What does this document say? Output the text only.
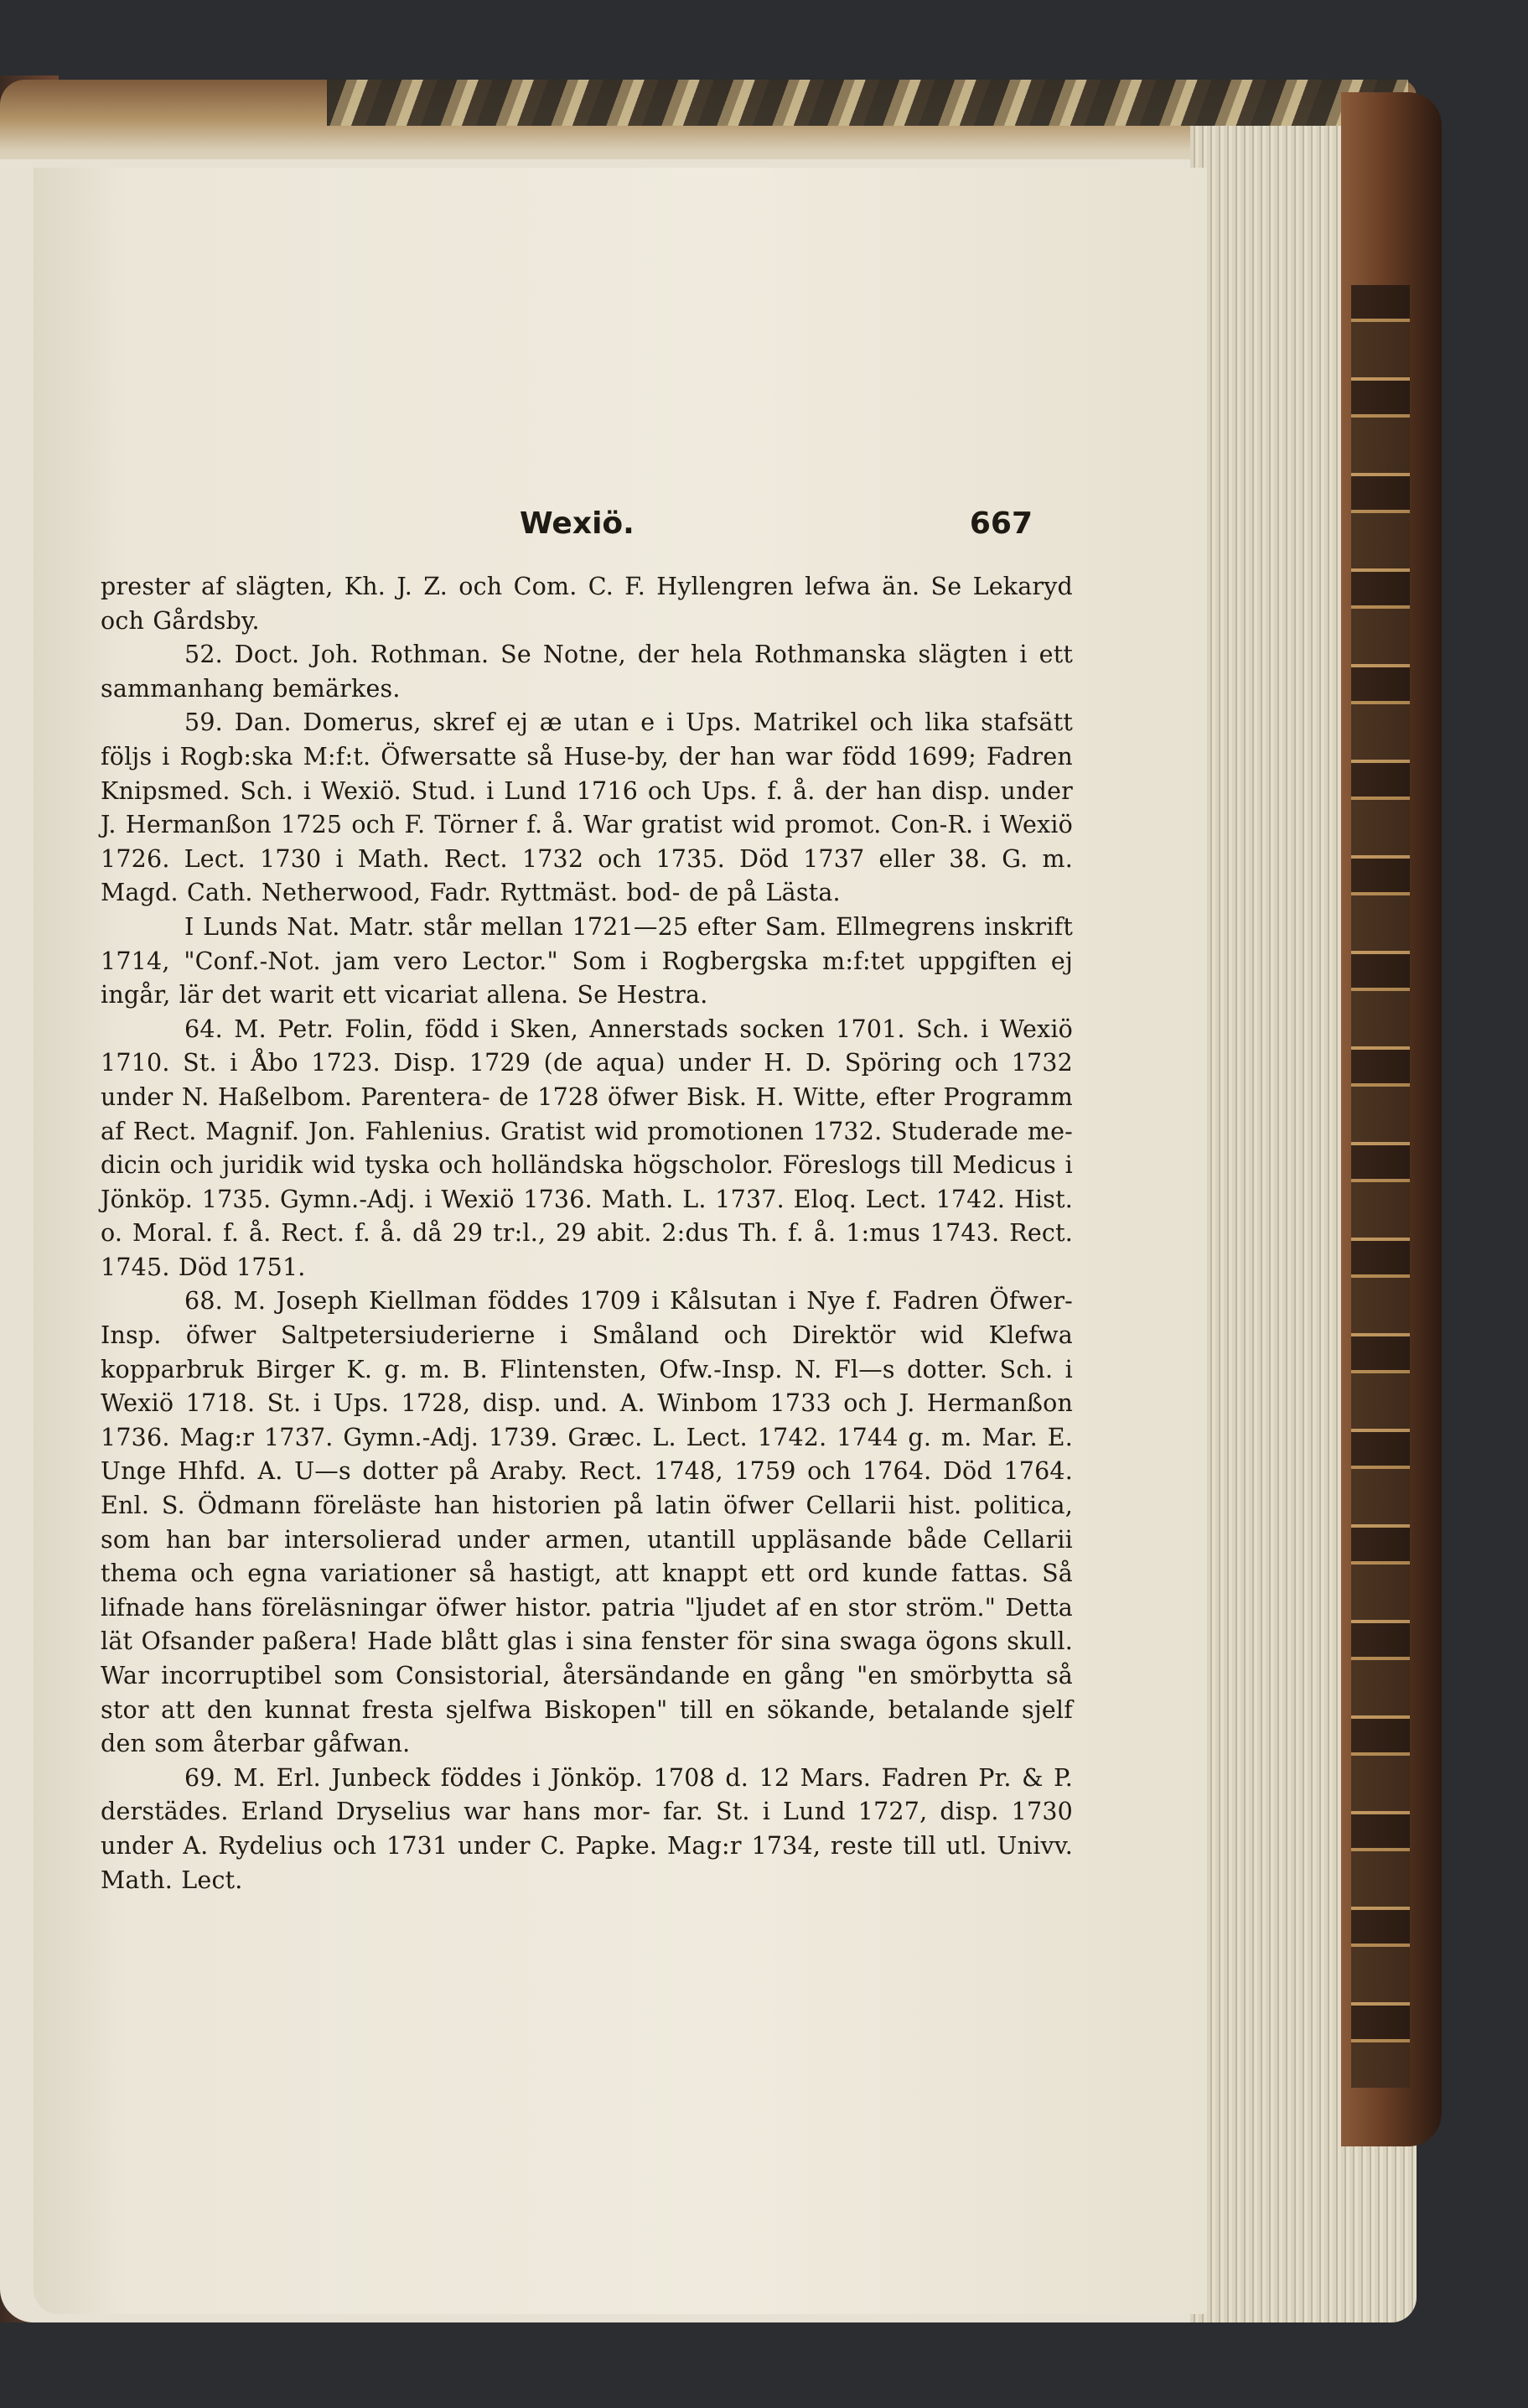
Wexiö.	667

prester af slägten, Kh. J. Z. och Com. C. F. Hyllengren lefwa än. Se Lekaryd och Gårdsby.

52. Doct. Joh. Rothman. Se Notne, der hela Rothmanska slägten i ett sammanhang bemärkes.

59. Dan. Domerus, skref ej æ utan e i Ups. Matrikel och lika stafsätt följs i Rogb:ska M:f:t. Öfwersatte så Huse-by, der han war född 1699; Fadren Knipsmed. Sch. i Wexiö. Stud. i Lund 1716 och Ups. f. å. der han disp. under J. Hermanßon 1725 och F. Törner f. å. War gratist wid promot. Con-R. i Wexiö 1726. Lect. 1730 i Math. Rect. 1732 och 1735. Död 1737 eller 38. G. m. Magd. Cath. Netherwood, Fadr. Ryttmäst. bod- de på Lästa.

I Lunds Nat. Matr. står mellan 1721—25 efter Sam. Ellmegrens inskrift 1714, "Conf.-Not. jam vero Lector." Som i Rogbergska m:f:tet uppgiften ej ingår, lär det warit ett vicariat allena. Se Hestra.

64. M. Petr. Folin, född i Sken, Annerstads socken 1701. Sch. i Wexiö 1710. St. i Åbo 1723. Disp. 1729 (de aqua) under H. D. Spöring och 1732 under N. Haßelbom. Parentera- de 1728 öfwer Bisk. H. Witte, efter Programm af Rect. Magnif. Jon. Fahlenius. Gratist wid promotionen 1732. Studerade me- dicin och juridik wid tyska och holländska högscholor. Föreslogs till Medicus i Jönköp. 1735. Gymn.-Adj. i Wexiö 1736. Math. L. 1737. Eloq. Lect. 1742. Hist. o. Moral. f. å. Rect. f. å. då 29 tr:l., 29 abit. 2:dus Th. f. å. 1:mus 1743. Rect. 1745. Död 1751.

68. M. Joseph Kiellman föddes 1709 i Kålsutan i Nye f. Fadren Öfwer-Insp. öfwer Saltpetersiuderierne i Småland och Direktör wid Klefwa kopparbruk Birger K. g. m. B. Flintensten, Ofw.-Insp. N. Fl—s dotter. Sch. i Wexiö 1718. St. i Ups. 1728, disp. und. A. Winbom 1733 och J. Hermanßon 1736. Mag:r 1737. Gymn.-Adj. 1739. Græc. L. Lect. 1742. 1744 g. m. Mar. E. Unge Hhfd. A. U—s dotter på Araby. Rect. 1748, 1759 och 1764. Död 1764. Enl. S. Ödmann föreläste han historien på latin öfwer Cellarii hist. politica, som han bar intersolierad under armen, utantill uppläsande både Cellarii thema och egna variationer så hastigt, att knappt ett ord kunde fattas. Så lifnade hans föreläsningar öfwer histor. patria "ljudet af en stor ström." Detta lät Ofsander paßera! Hade blått glas i sina fenster för sina swaga ögons skull. War incorruptibel som Consistorial, återsändande en gång "en smörbytta så stor att den kunnat fresta sjelfwa Biskopen" till en sökande, betalande sjelf den som återbar gåfwan.

69. M. Erl. Junbeck föddes i Jönköp. 1708 d. 12 Mars. Fadren Pr. & P. derstädes. Erland Dryselius war hans mor- far. St. i Lund 1727, disp. 1730 under A. Rydelius och 1731 under C. Papke. Mag:r 1734, reste till utl. Univv. Math. Lect.
